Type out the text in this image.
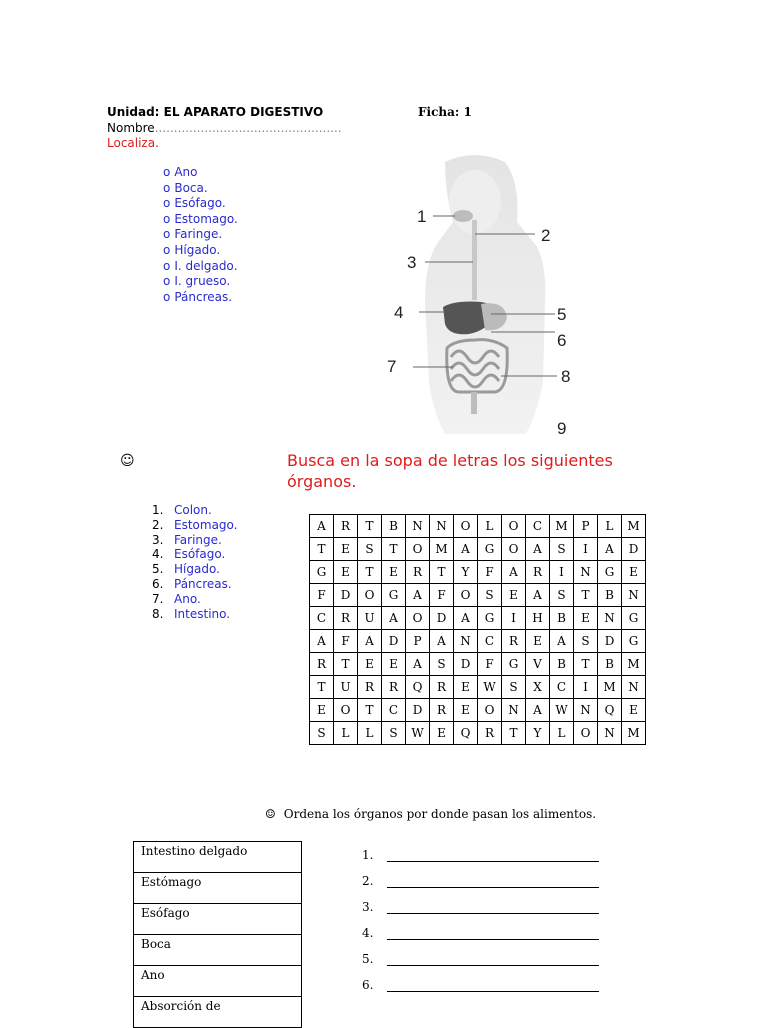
Unidad: EL APARATO DIGESTIVO	Ficha: 1
Nombre.................................................
Localiza.
o Ano
o Boca.
o Esófago.
o Estomago.
o Faringe.
o Hígado.
o I. delgado.
o I. grueso.
o Páncreas.
1
2
3
4	5
6
7
8
9
☺	Busca en la sopa de letras los siguientes órganos.
1. Colon.
2. Estomago.
3. Faringe.
4. Esófago.
5. Hígado.
6. Páncreas.
7. Ano.
8. Intestino.
A	R	T	B	N	N	O	L	O	C	M	P	L	M
T	E	S	T	O	M	A	G	O	A	S	I	A	D
G	E	T	E	R	T	Y	F	A	R	I	N	G	E
F	D	O	G	A	F	O	S	E	A	S	T	B	N
C	R	U	A	O	D	A	G	I	H	B	E	N	G
A	F	A	D	P	A	N	C	R	E	A	S	D	G
R	T	E	E	A	S	D	F	G	V	B	T	B	M
T	U	R	R	Q	R	E	W	S	X	C	I	M	N
E	O	T	C	D	R	E	O	N	A	W	N	Q	E
S	L	L	S	W	E	Q	R	T	Y	L	O	N	M
☺ Ordena los órganos por donde pasan los alimentos.
Intestino delgado
Estómago
Esófago
Boca
Ano
Absorción de
1.
2.
3.
4.
5.
6.
